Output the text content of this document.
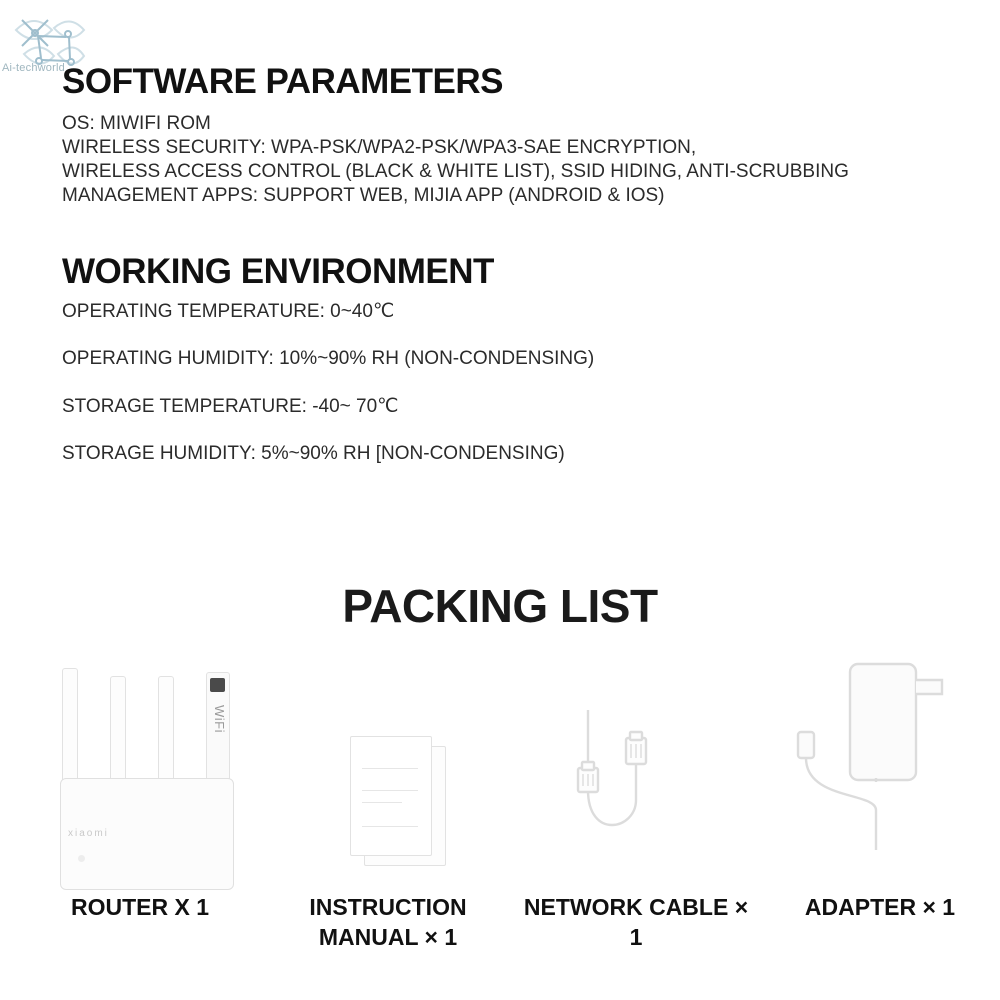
Ai-techworld
SOFTWARE PARAMETERS
OS: MIWIFI ROM
WIRELESS SECURITY: WPA-PSK/WPA2-PSK/WPA3-SAE ENCRYPTION,
WIRELESS ACCESS CONTROL (BLACK & WHITE LIST), SSID HIDING, ANTI-SCRUBBING
MANAGEMENT APPS: SUPPORT WEB, MIJIA APP (ANDROID & IOS)
WORKING ENVIRONMENT
OPERATING TEMPERATURE: 0~40℃
OPERATING HUMIDITY: 10%~90% RH (NON-CONDENSING)
STORAGE TEMPERATURE: -40~ 70℃
STORAGE HUMIDITY: 5%~90% RH [NON-CONDENSING)
PACKING LIST
WiFi
xiaomi
ROUTER X 1	INSTRUCTION MANUAL × 1
NETWORK CABLE × 1
ADAPTER × 1
